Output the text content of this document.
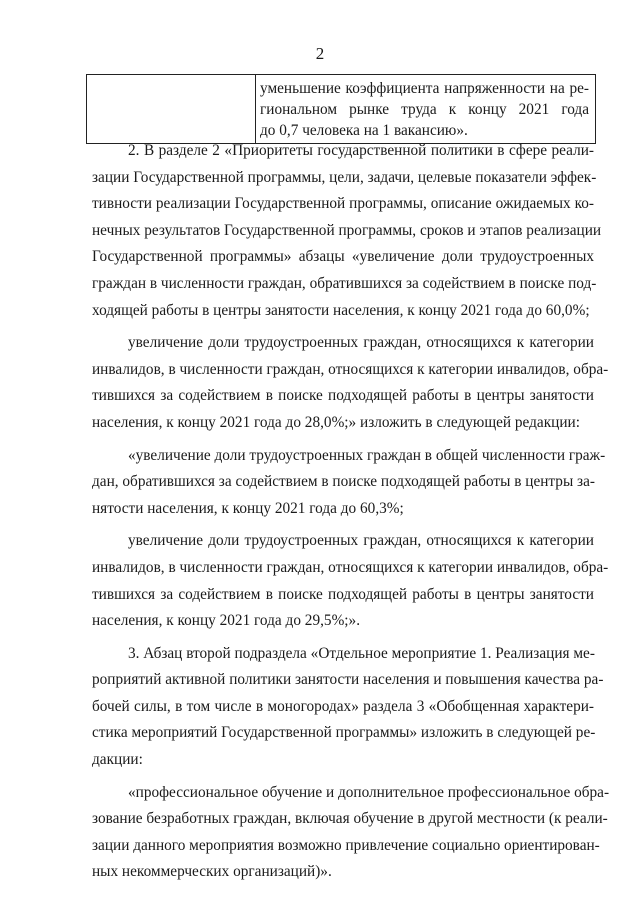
2

уменьшение коэффициента напряженности на ре-
гиональном рынке труда к концу 2021 года
до 0,7 человека на 1 вакансию».
2. В разделе 2 «Приоритеты государственной политики в сфере реали-
зации Государственной программы, цели, задачи, целевые показатели эффек-
тивности реализации Государственной программы, описание ожидаемых ко-
нечных результатов Государственной программы, сроков и этапов реализации
Государственной программы» абзацы «увеличение доли трудоустроенных
граждан в численности граждан, обратившихся за содействием в поиске под-
ходящей работы в центры занятости населения, к концу 2021 года до 60,0%;
увеличение доли трудоустроенных граждан, относящихся к категории
инвалидов, в численности граждан, относящихся к категории инвалидов, обра-
тившихся за содействием в поиске подходящей работы в центры занятости
населения, к концу 2021 года до 28,0%;» изложить в следующей редакции:
«увеличение доли трудоустроенных граждан в общей численности граж-
дан, обратившихся за содействием в поиске подходящей работы в центры за-
нятости населения, к концу 2021 года до 60,3%;
увеличение доли трудоустроенных граждан, относящихся к категории
инвалидов, в численности граждан, относящихся к категории инвалидов, обра-
тившихся за содействием в поиске подходящей работы в центры занятости
населения, к концу 2021 года до 29,5%;».
3. Абзац второй подраздела «Отдельное мероприятие 1. Реализация ме-
роприятий активной политики занятости населения и повышения качества ра-
бочей силы, в том числе в моногородах» раздела 3 «Обобщенная характери-
стика мероприятий Государственной программы» изложить в следующей ре-
дакции:
«профессиональное обучение и дополнительное профессиональное обра-
зование безработных граждан, включая обучение в другой местности (к реали-
зации данного мероприятия возможно привлечение социально ориентирован-
ных некоммерческих организаций)».
